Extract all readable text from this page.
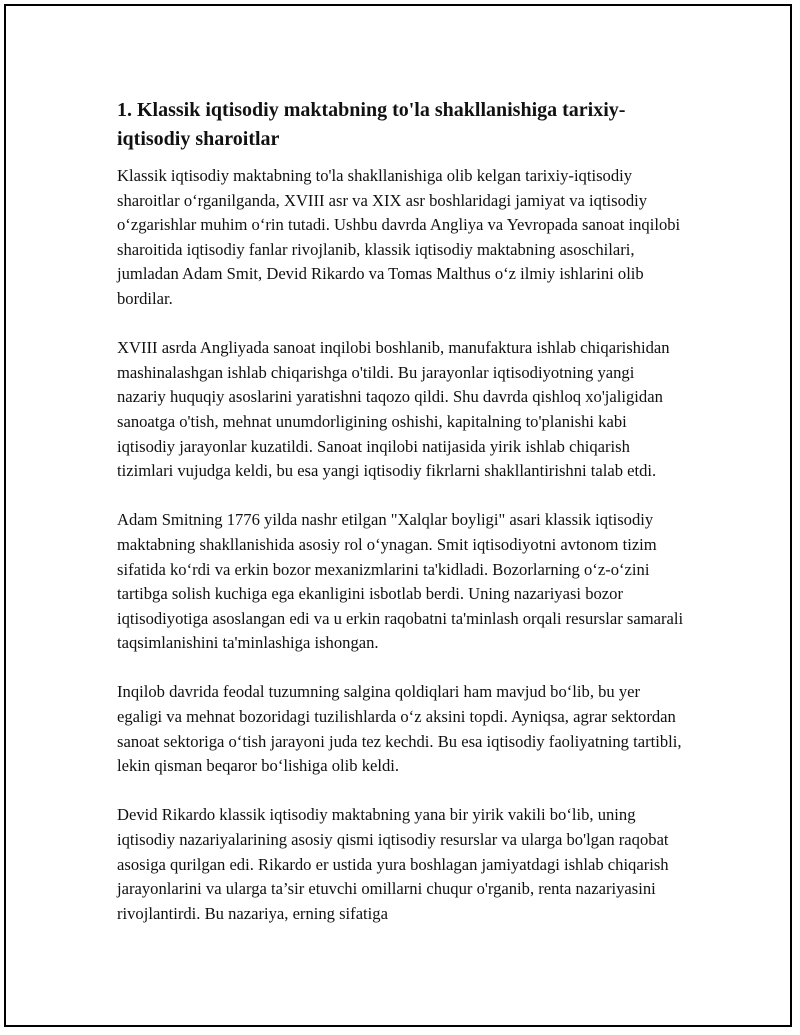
1. Klassik iqtisodiy maktabning to'la shakllanishiga tarixiy-iqtisodiy sharoitlar

Klassik iqtisodiy maktabning to'la shakllanishiga olib kelgan tarixiy-iqtisodiy sharoitlar o‘rganilganda, XVIII asr va XIX asr boshlaridagi jamiyat va iqtisodiy o‘zgarishlar muhim o‘rin tutadi. Ushbu davrda Angliya va Yevropada sanoat inqilobi sharoitida iqtisodiy fanlar rivojlanib, klassik iqtisodiy maktabning asoschilari, jumladan Adam Smit, Devid Rikardo va Tomas Malthus o‘z ilmiy ishlarini olib bordilar.

XVIII asrda Angliyada sanoat inqilobi boshlanib, manufaktura ishlab chiqarishidan mashinalashgan ishlab chiqarishga o'tildi. Bu jarayonlar iqtisodiyotning yangi nazariy huquqiy asoslarini yaratishni taqozo qildi. Shu davrda qishloq xo'jaligidan sanoatga o'tish, mehnat unumdorligining oshishi, kapitalning to'planishi kabi iqtisodiy jarayonlar kuzatildi. Sanoat inqilobi natijasida yirik ishlab chiqarish tizimlari vujudga keldi, bu esa yangi iqtisodiy fikrlarni shakllantirishni talab etdi.

Adam Smitning 1776 yilda nashr etilgan "Xalqlar boyligi" asari klassik iqtisodiy maktabning shakllanishida asosiy rol o‘ynagan. Smit iqtisodiyotni avtonom tizim sifatida ko‘rdi va erkin bozor mexanizmlarini ta'kidladi. Bozorlarning o‘z-o‘zini tartibga solish kuchiga ega ekanligini isbotlab berdi. Uning nazariyasi bozor iqtisodiyotiga asoslangan edi va u erkin raqobatni ta'minlash orqali resurslar samarali taqsimlanishini ta'minlashiga ishongan.

Inqilob davrida feodal tuzumning salgina qoldiqlari ham mavjud bo‘lib, bu yer egaligi va mehnat bozoridagi tuzilishlarda o‘z aksini topdi. Ayniqsa, agrar sektordan sanoat sektoriga o‘tish jarayoni juda tez kechdi. Bu esa iqtisodiy faoliyatning tartibli, lekin qisman beqaror bo‘lishiga olib keldi.

Devid Rikardo klassik iqtisodiy maktabning yana bir yirik vakili bo‘lib, uning iqtisodiy nazariyalarining asosiy qismi iqtisodiy resurslar va ularga bo'lgan raqobat asosiga qurilgan edi. Rikardo er ustida yura boshlagan jamiyatdagi ishlab chiqarish jarayonlarini va ularga ta’sir etuvchi omillarni chuqur o'rganib, renta nazariyasini rivojlantirdi. Bu nazariya, erning sifatiga
